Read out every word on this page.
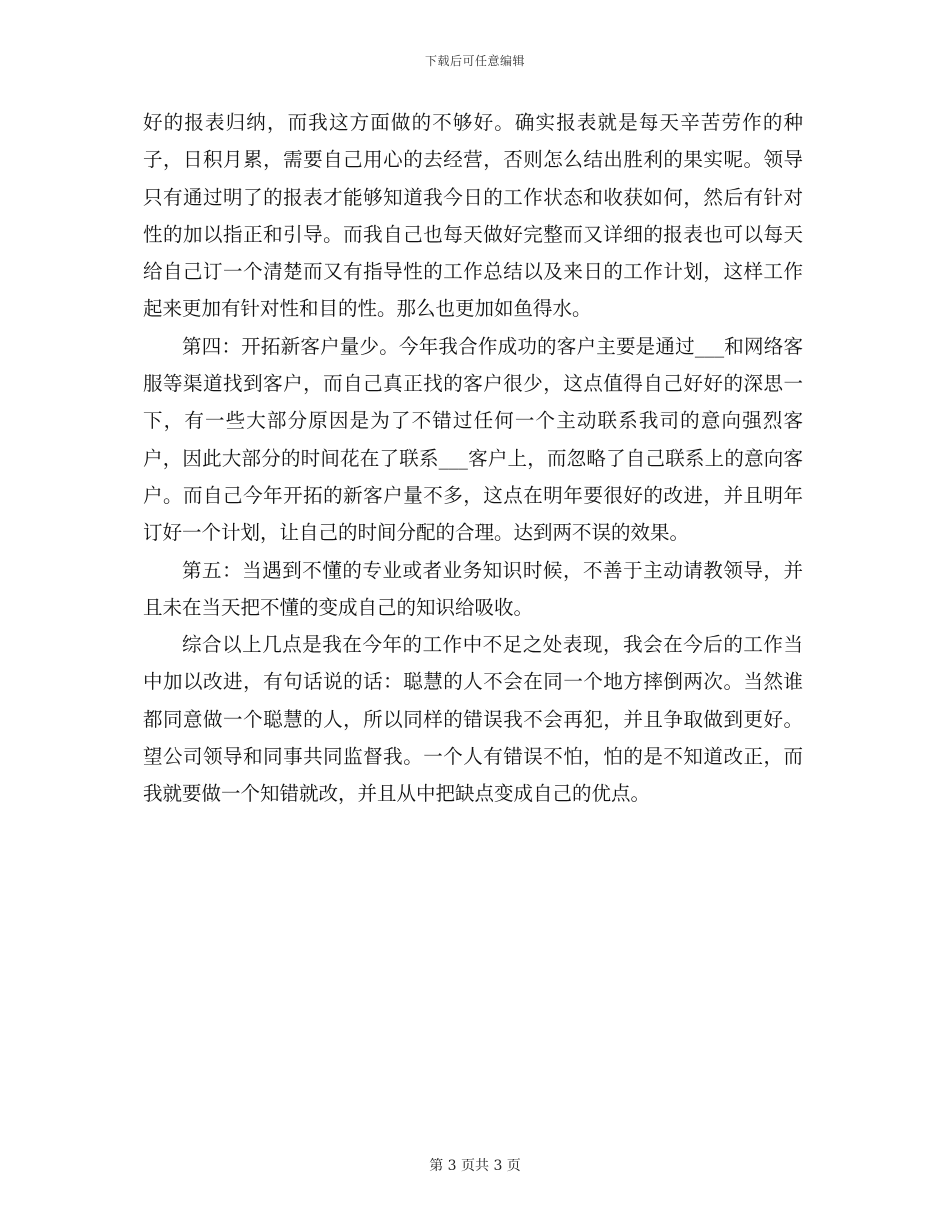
下载后可任意编辑

好的报表归纳，而我这方面做的不够好。确实报表就是每天辛苦劳作的种子，日积月累，需要自己用心的去经营，否则怎么结出胜利的果实呢。领导只有通过明了的报表才能够知道我今日的工作状态和收获如何，然后有针对性的加以指正和引导。而我自己也每天做好完整而又详细的报表也可以每天给自己订一个清楚而又有指导性的工作总结以及来日的工作计划，这样工作起来更加有针对性和目的性。那么也更加如鱼得水。

第四：开拓新客户量少。今年我合作成功的客户主要是通过___和网络客服等渠道找到客户，而自己真正找的客户很少，这点值得自己好好的深思一下，有一些大部分原因是为了不错过任何一个主动联系我司的意向强烈客户，因此大部分的时间花在了联系___客户上，而忽略了自己联系上的意向客户。而自己今年开拓的新客户量不多，这点在明年要很好的改进，并且明年订好一个计划，让自己的时间分配的合理。达到两不误的效果。

第五：当遇到不懂的专业或者业务知识时候，不善于主动请教领导，并且未在当天把不懂的变成自己的知识给吸收。

综合以上几点是我在今年的工作中不足之处表现，我会在今后的工作当中加以改进，有句话说的话：聪慧的人不会在同一个地方摔倒两次。当然谁都同意做一个聪慧的人，所以同样的错误我不会再犯，并且争取做到更好。望公司领导和同事共同监督我。一个人有错误不怕，怕的是不知道改正，而我就要做一个知错就改，并且从中把缺点变成自己的优点。

第 3 页共 3 页
